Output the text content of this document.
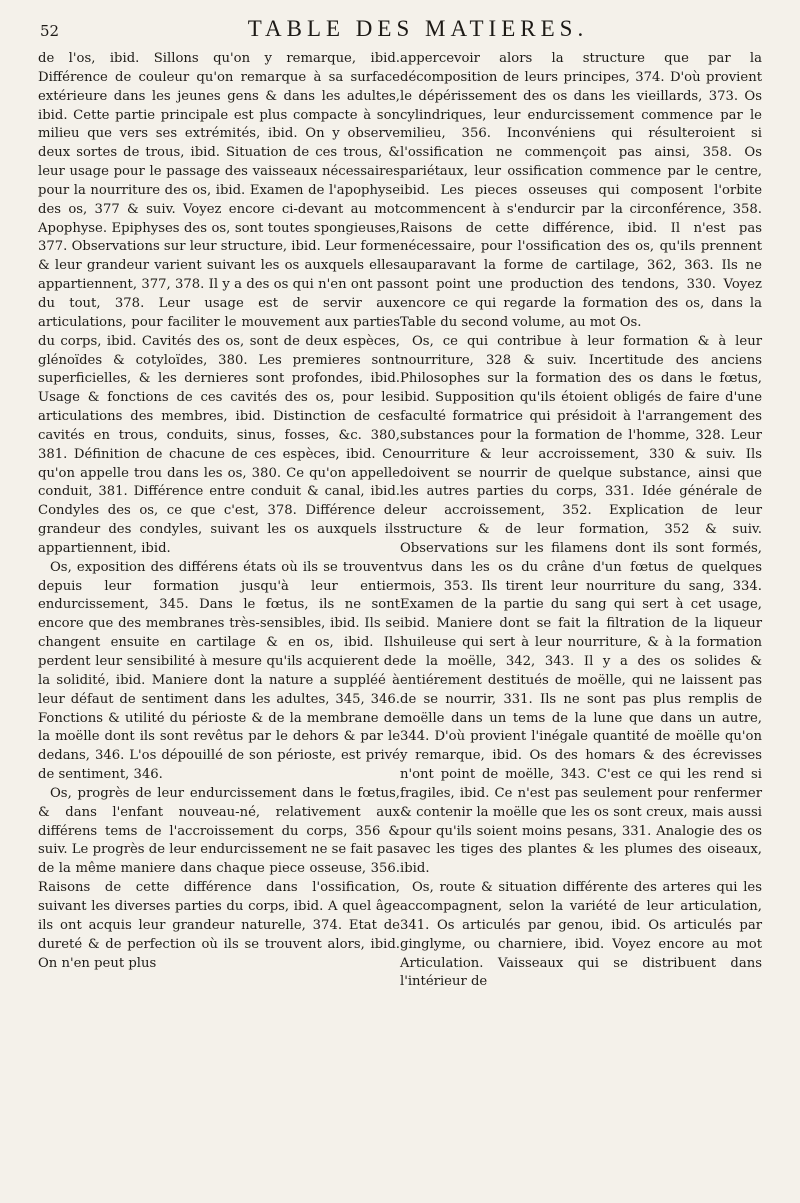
52	TABLE DES MATIERES.

de l'os, ibid. Sillons qu'on y remarque, ibid. Différence de couleur qu'on remarque à sa surface extérieure dans les jeunes gens & dans les adultes, ibid. Cette partie principale est plus compacte à son milieu que vers ses extrémités, ibid. On y observe deux sortes de trous, ibid. Situation de ces trous, & leur usage pour le passage des vaisseaux nécessaires pour la nourriture des os, ibid. Examen de l'apophyse des os, 377 & suiv. Voyez encore ci-devant au mot Apophyse. Epiphyses des os, sont toutes spongieuses, 377. Observations sur leur structure, ibid. Leur forme & leur grandeur varient suivant les os auxquels elles appartiennent, 377, 378. Il y a des os qui n'en ont pas du tout, 378. Leur usage est de servir aux articulations, pour faciliter le mouvement aux parties du corps, ibid. Cavités des os, sont de deux espèces, glénoïdes & cotyloïdes, 380. Les premieres sont superficielles, & les dernieres sont profondes, ibid. Usage & fonctions de ces cavités des os, pour les articulations des membres, ibid. Distinction de ces cavités en trous, conduits, sinus, fosses, &c. 380, 381. Définition de chacune de ces espèces, ibid. Ce qu'on appelle trou dans les os, 380. Ce qu'on appelle conduit, 381. Différence entre conduit & canal, ibid. Condyles des os, ce que c'est, 378. Différence de grandeur des condyles, suivant les os auxquels ils appartiennent, ibid.

Os, exposition des différens états où ils se trouvent depuis leur formation jusqu'à leur entier endurcissement, 345. Dans le fœtus, ils ne sont encore que des membranes très-sensibles, ibid. Ils se changent ensuite en cartilage & en os, ibid. Ils perdent leur sensibilité à mesure qu'ils acquierent de la solidité, ibid. Maniere dont la nature a suppléé à leur défaut de sentiment dans les adultes, 345, 346. Fonctions & utilité du périoste & de la membrane de la moëlle dont ils sont revêtus par le dehors & par le dedans, 346. L'os dépouillé de son périoste, est privé de sentiment, 346.

Os, progrès de leur endurcissement dans le fœtus, & dans l'enfant nouveau-né, relativement aux différens tems de l'accroissement du corps, 356 & suiv. Le progrès de leur endurcissement ne se fait pas de la même maniere dans chaque piece osseuse, 356. Raisons de cette différence dans l'ossification, suivant les diverses parties du corps, ibid. A quel âge ils ont acquis leur grandeur naturelle, 374. Etat de dureté & de perfection où ils se trouvent alors, ibid. On n'en peut plus

appercevoir alors la structure que par la décomposition de leurs principes, 374. D'où provient le dépérissement des os dans les vieillards, 373. Os cylindriques, leur endurcissement commence par le milieu, 356. Inconvéniens qui résulteroient si l'ossification ne commençoit pas ainsi, 358. Os pariétaux, leur ossification commence par le centre, ibid. Les pieces osseuses qui composent l'orbite commencent à s'endurcir par la circonférence, 358. Raisons de cette différence, ibid. Il n'est pas nécessaire, pour l'ossification des os, qu'ils prennent auparavant la forme de cartilage, 362, 363. Ils ne sont point une production des tendons, 330. Voyez encore ce qui regarde la formation des os, dans la Table du second volume, au mot Os.

Os, ce qui contribue à leur formation & à leur nourriture, 328 & suiv. Incertitude des anciens Philosophes sur la formation des os dans le fœtus, ibid. Supposition qu'ils étoient obligés de faire d'une faculté formatrice qui présidoit à l'arrangement des substances pour la formation de l'homme, 328. Leur nourriture & leur accroissement, 330 & suiv. Ils doivent se nourrir de quelque substance, ainsi que les autres parties du corps, 331. Idée générale de leur accroissement, 352. Explication de leur structure & de leur formation, 352 & suiv. Observations sur les filamens dont ils sont formés, vus dans les os du crâne d'un fœtus de quelques mois, 353. Ils tirent leur nourriture du sang, 334. Examen de la partie du sang qui sert à cet usage, ibid. Maniere dont se fait la filtration de la liqueur huileuse qui sert à leur nourriture, & à la formation de la moëlle, 342, 343. Il y a des os solides & entiérement destitués de moëlle, qui ne laissent pas de se nourrir, 331. Ils ne sont pas plus remplis de moëlle dans un tems de la lune que dans un autre, 344. D'où provient l'inégale quantité de moëlle qu'on y remarque, ibid. Os des homars & des écrevisses n'ont point de moëlle, 343. C'est ce qui les rend si fragiles, ibid. Ce n'est pas seulement pour renfermer & contenir la moëlle que les os sont creux, mais aussi pour qu'ils soient moins pesans, 331. Analogie des os avec les tiges des plantes & les plumes des oiseaux, ibid.

Os, route & situation différente des arteres qui les accompagnent, selon la variété de leur articulation, 341. Os articulés par genou, ibid. Os articulés par ginglyme, ou charniere, ibid. Voyez encore au mot Articulation. Vaisseaux qui se distribuent dans l'intérieur de
